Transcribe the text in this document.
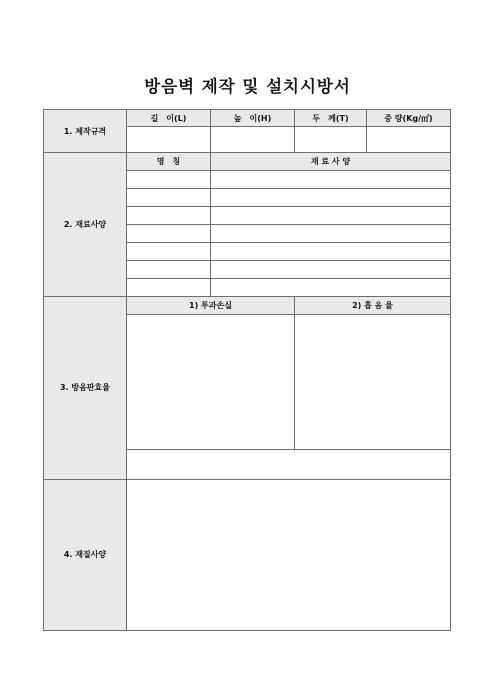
방음벽 제작 및 설치시방서
1. 제작규격	길　이(L)	높　이(H)	두　께(T)	중 량(Kg/㎡)

2. 재료사양	명　칭	재 료 사 양		

3. 방음판효율	1) 투과손실		2) 흡 음 율	

4. 재질사양				
